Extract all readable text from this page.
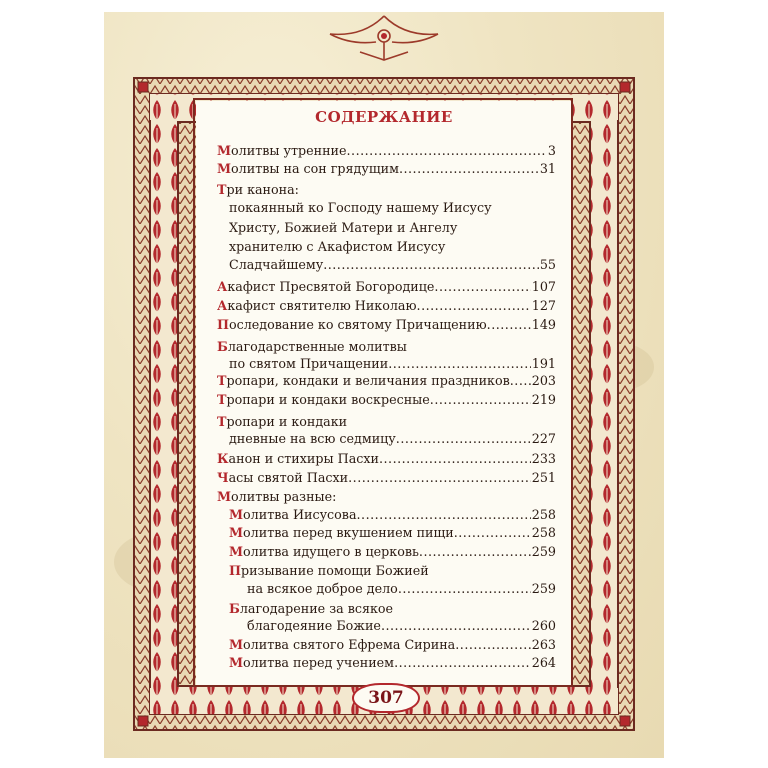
СОДЕРЖАНИЕ
307
Молитвы утренние .....	3
Молитвы на сон грядущим .....	31
Три канона:
покаянный ко Господу нашему Иисусу
Христу, Божией Матери и Ангелу
хранителю с Акафистом Иисусу
Сладчайшему .....	55
Акафист Пресвятой Богородице .....	107
Акафист святителю Николаю .....	127
Последование ко святому Причащению .....	149
Благодарственные молитвы
по святом Причащении .....	191
Тропари, кондаки и величания праздников ..... 203
Тропари и кондаки воскресные .....	219
Тропари и кондаки
дневные на всю седмицу .....	227
Канон и стихиры Пасхи .....	233
Часы святой Пасхи .....	251
Молитвы разные:
Молитва Иисусова .....	258
Молитва перед вкушением пищи .....	258
Молитва идущего в церковь .....	259
Призывание помощи Божией
на всякое доброе дело .....	259
Благодарение за всякое
благодеяние Божие .....	260
Молитва святого Ефрема Сирина .....	263
Молитва перед учением .....	264
